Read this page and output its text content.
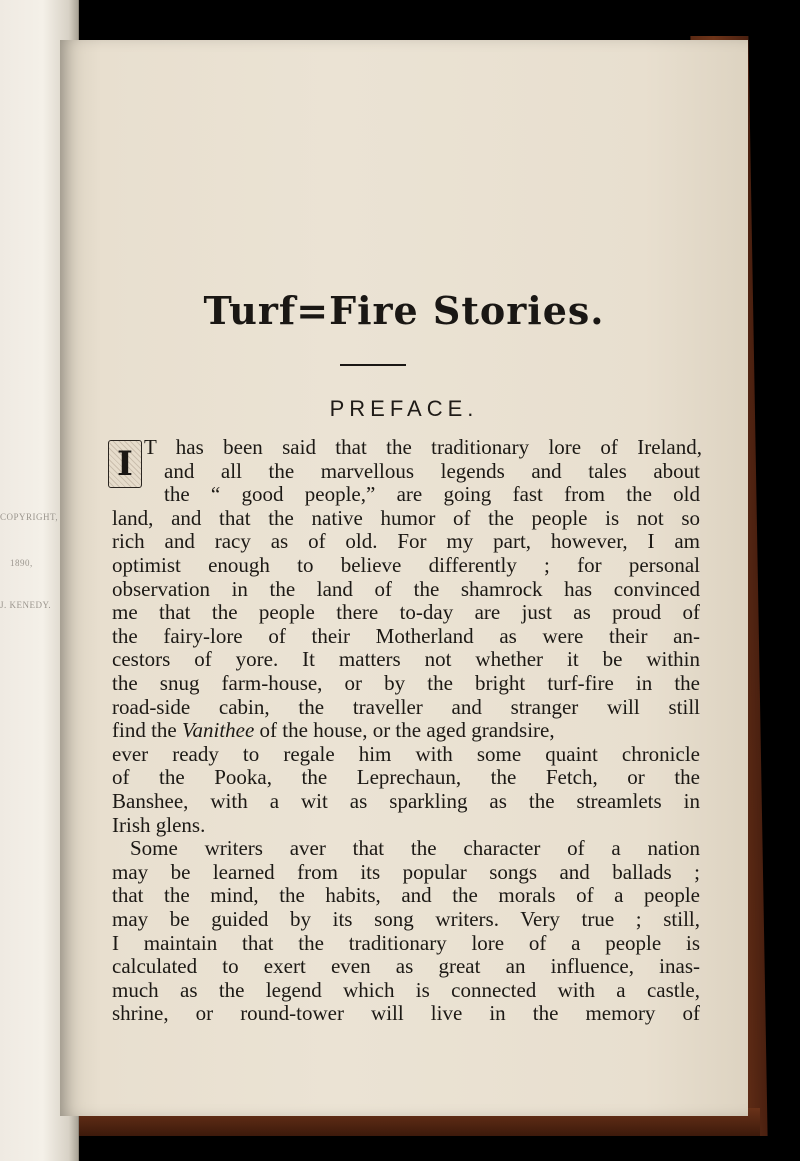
COPYRIGHT,
1890,
J. KENEDY.
Turf=Fire Stories.
PREFACE.
I T has been said that the traditionary lore of Ireland,
and all the marvellous legends and tales about
the “ good people,” are going fast from the old
land, and that the native humor of the people is not so
rich and racy as of old. For my part, however, I am
optimist enough to believe differently ; for personal
observation in the land of the shamrock has convinced
me that the people there to-day are just as proud of
the fairy-lore of their Motherland as were their an-
cestors of yore. It matters not whether it be within
the snug farm-house, or by the bright turf-fire in the
road-side cabin, the traveller and stranger will still
find the Vanithee of the house, or the aged grandsire,
ever ready to regale him with some quaint chronicle
of the Pooka, the Leprechaun, the Fetch, or the
Banshee, with a wit as sparkling as the streamlets in
Irish glens.
Some writers aver that the character of a nation
may be learned from its popular songs and ballads ;
that the mind, the habits, and the morals of a people
may be guided by its song writers. Very true ; still,
I maintain that the traditionary lore of a people is
calculated to exert even as great an influence, inas-
much as the legend which is connected with a castle,
shrine, or round-tower will live in the memory of
